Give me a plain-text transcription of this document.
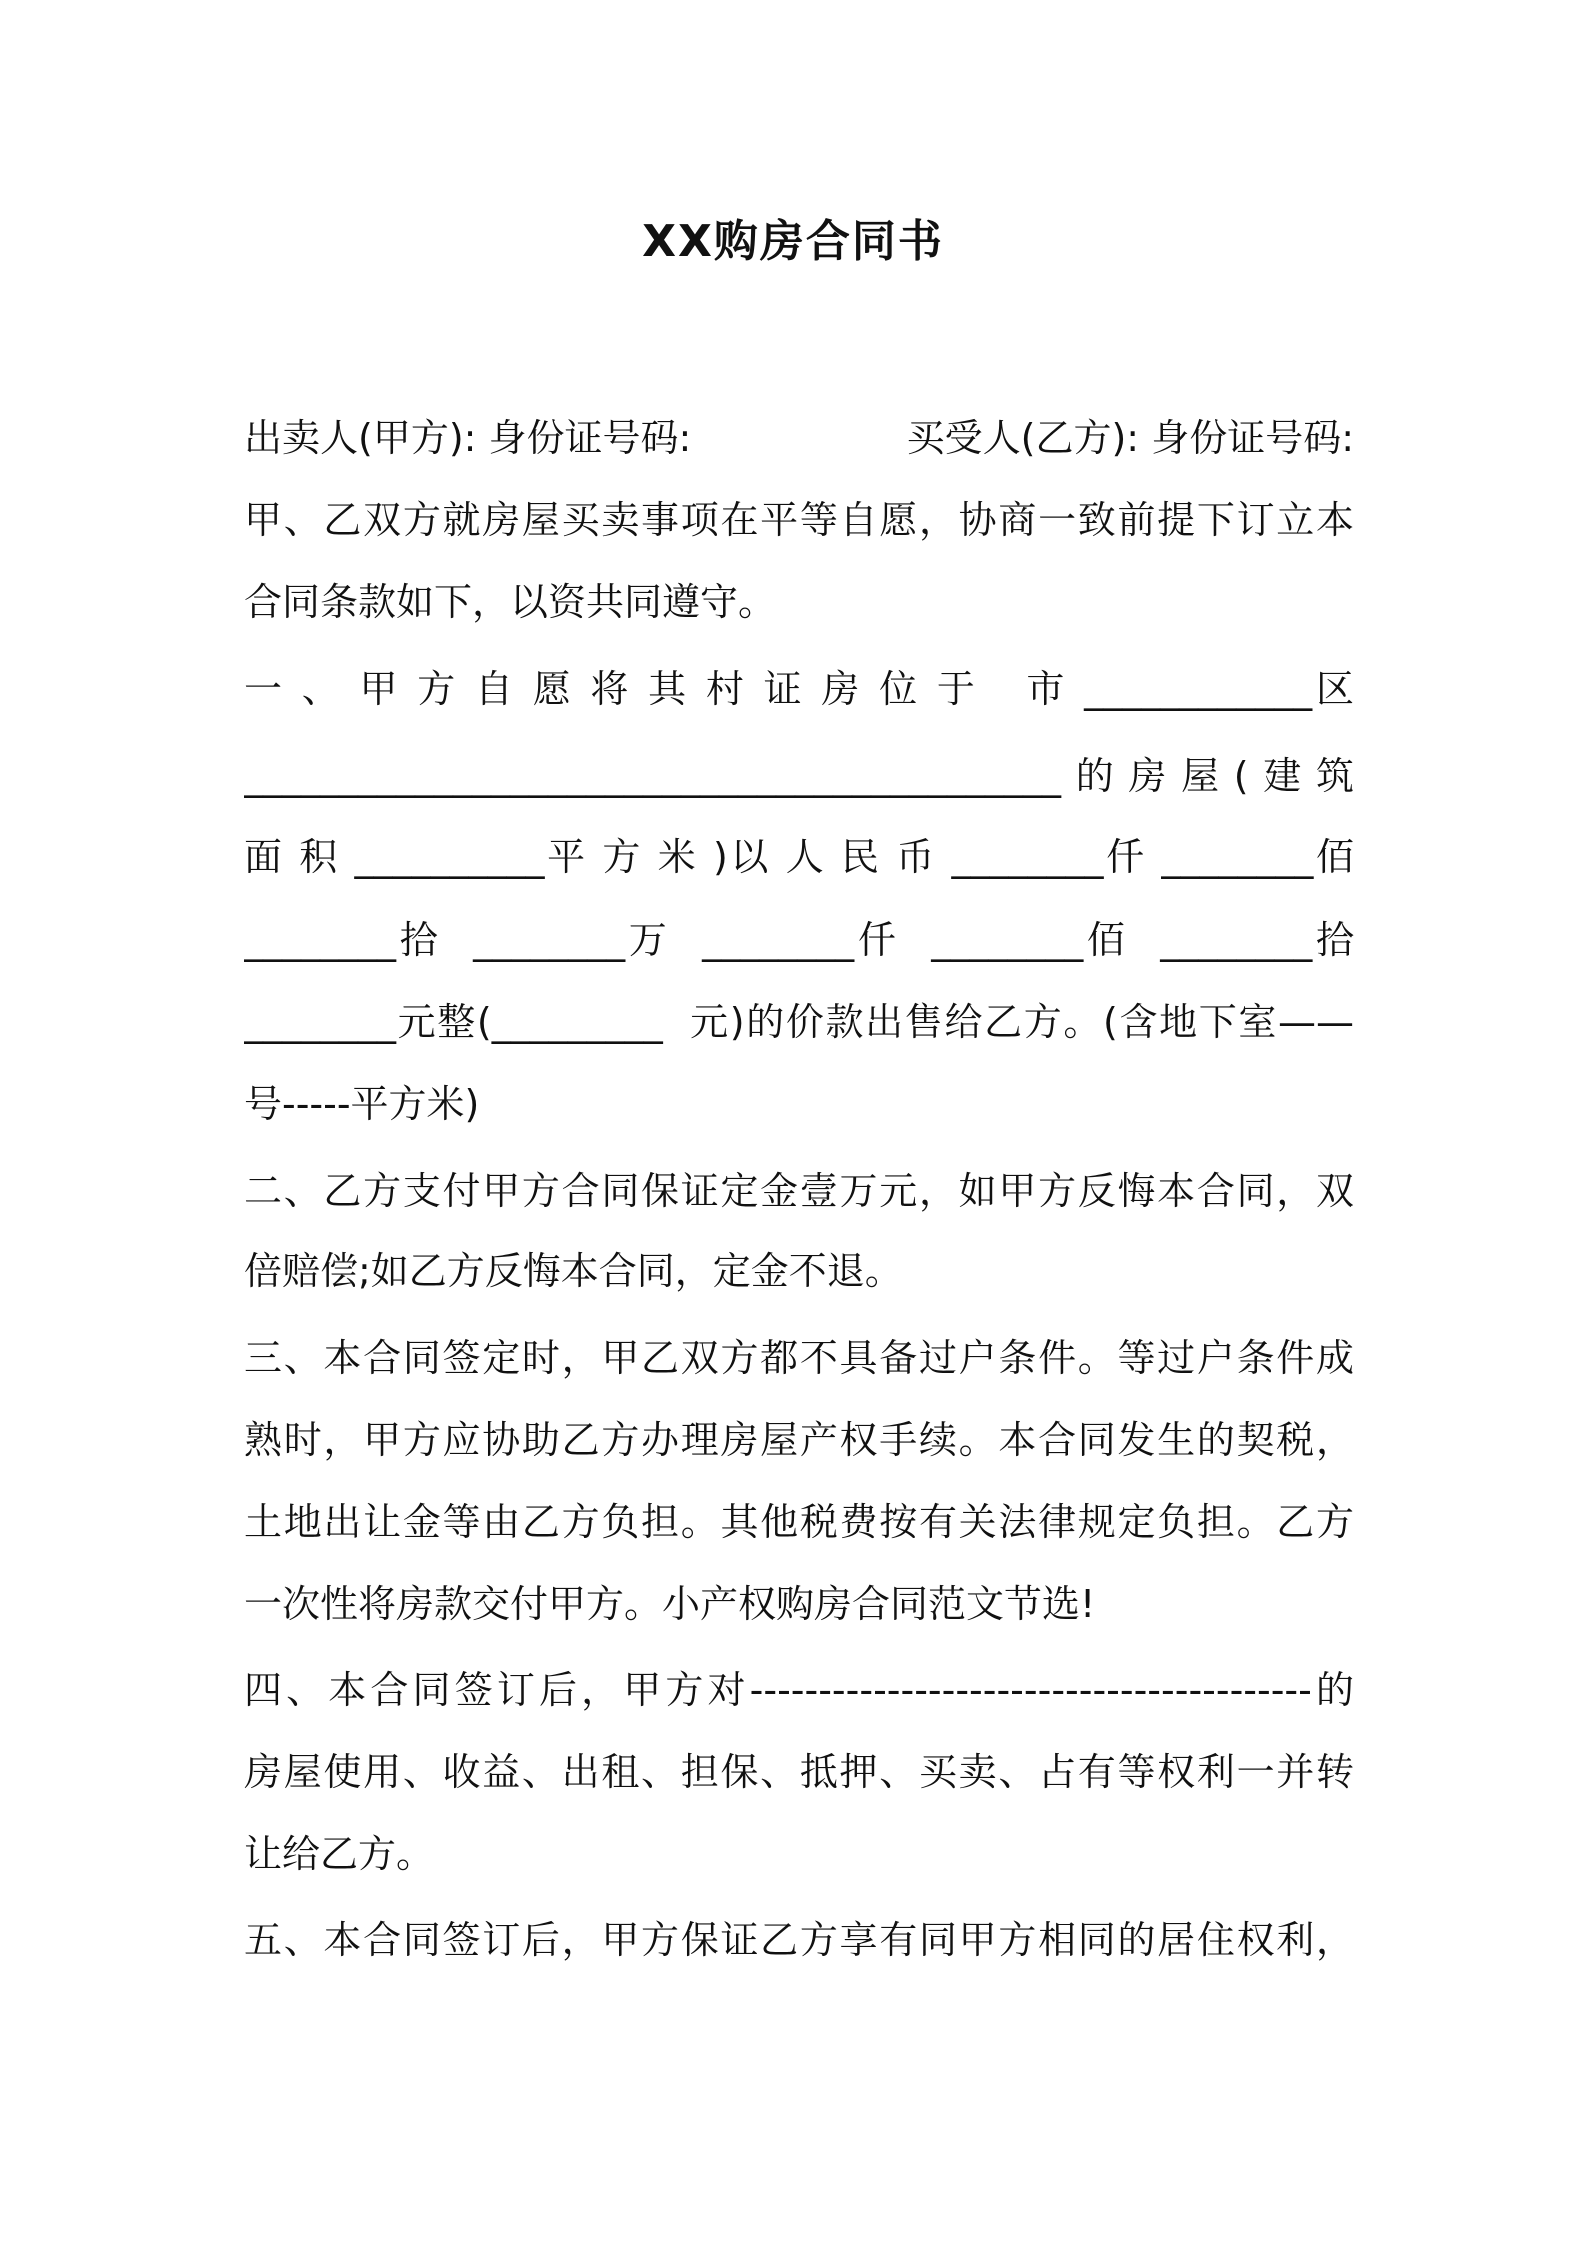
XX购房合同书
出卖人(甲方): 身份证号码:	买受人(乙方): 身份证号码:
甲、乙双方就房屋买卖事项在平等自愿，协商一致前提下订立本
合同条款如下，以资共同遵守。
一 、 甲 方 自 愿 将 其 村 证 房 位 于   市 ____________区
___________________________________________的房屋(建筑
面 积 __________平 方 米 )以 人 民 币 ________仟 ________佰
________拾  ________万  ________仟  ________佰  ________拾
________元整(_________  元)的价款出售给乙方。(含地下室——
号-----平方米)
二、乙方支付甲方合同保证定金壹万元，如甲方反悔本合同，双
倍赔偿;如乙方反悔本合同，定金不退。
三、本合同签定时，甲乙双方都不具备过户条件。等过户条件成
熟时，甲方应协助乙方办理房屋产权手续。本合同发生的契税，
土地出让金等由乙方负担。其他税费按有关法律规定负担。乙方
一次性将房款交付甲方。小产权购房合同范文节选!
四、本合同签订后，甲方对-----------------------------------------的
房屋使用、收益、出租、担保、抵押、买卖、占有等权利一并转
让给乙方。
五、本合同签订后，甲方保证乙方享有同甲方相同的居住权利，
